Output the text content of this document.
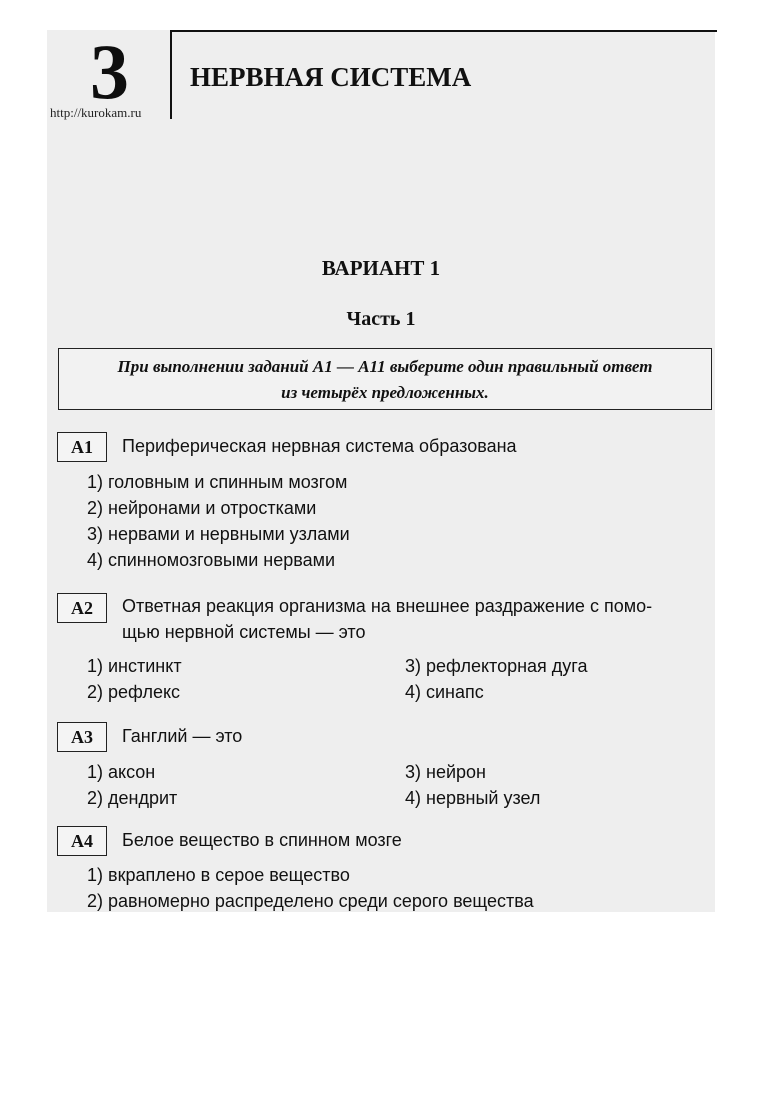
3
http://kurokam.ru
НЕРВНАЯ СИСТЕМА
ВАРИАНТ 1
Часть 1
При выполнении заданий А1 — А11 выберите один правильный ответ
из четырёх предложенных.
А1	Периферическая нервная система образована
1) головным и спинным мозгом
2) нейронами и отростками
3) нервами и нервными узлами
4) спинномозговыми нервами
А2	Ответная реакция организма на внешнее раздражение с помо-
щью нервной системы — это
1) инстинкт
2) рефлекс
3) рефлекторная дуга
4) синапс
А3	Ганглий — это
1) аксон
2) дендрит
3) нейрон
4) нервный узел
А4	Белое вещество в спинном мозге
1) вкраплено в серое вещество
2) равномерно распределено среди серого вещества
